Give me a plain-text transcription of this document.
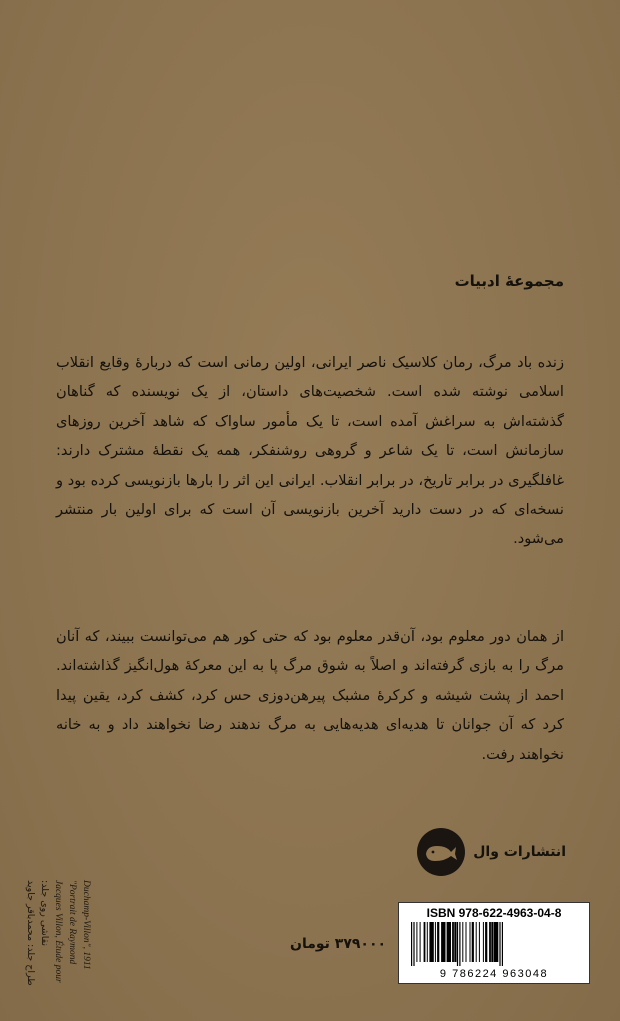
مجموعهٔ ادبیات

زنده باد مرگ، رمان کلاسیک ناصر ایرانی، اولین رمانی است که دربارهٔ وقایع انقلاب اسلامی نوشته شده است. شخصیت‌های داستان، از یک نویسنده که گناهان گذشته‌اش به سراغش آمده است، تا یک مأمور ساواک که شاهد آخرین روزهای سازمانش است، تا یک شاعر و گروهی روشنفکر، همه یک نقطهٔ مشترک دارند: غافلگیری در برابر تاریخ، در برابر انقلاب. ایرانی این اثر را بارها بازنویسی کرده بود و نسخه‌ای که در دست دارید آخرین بازنویسی آن است که برای اولین بار منتشر می‌شود.

از همان دور معلوم بود، آن‌قدر معلوم بود که حتی کور هم می‌توانست ببیند، که آنان مرگ را به بازی گرفته‌اند و اصلاً به شوق مرگ پا به این معرکهٔ هول‌انگیز گذاشته‌اند. احمد از پشت شیشه و کرکرهٔ مشبک پیرهن‌دوزی حس کرد، کشف کرد، یقین پیدا کرد که آن جوانان تا هدیه‌ای هدیه‌هایی به مرگ ندهند رضا نخواهند داد و به خانه نخواهند رفت.

انتشارات وال
ISBN 978-622-4963-04-8
9 786224 963048
۳۷۹۰۰۰ تومان
طراح جلد: محمدباقر جاوید نقاشی روی جلد: Jacques Villon, Étude pour "Portrait de Raymond Duchamp-Villon", 1911
